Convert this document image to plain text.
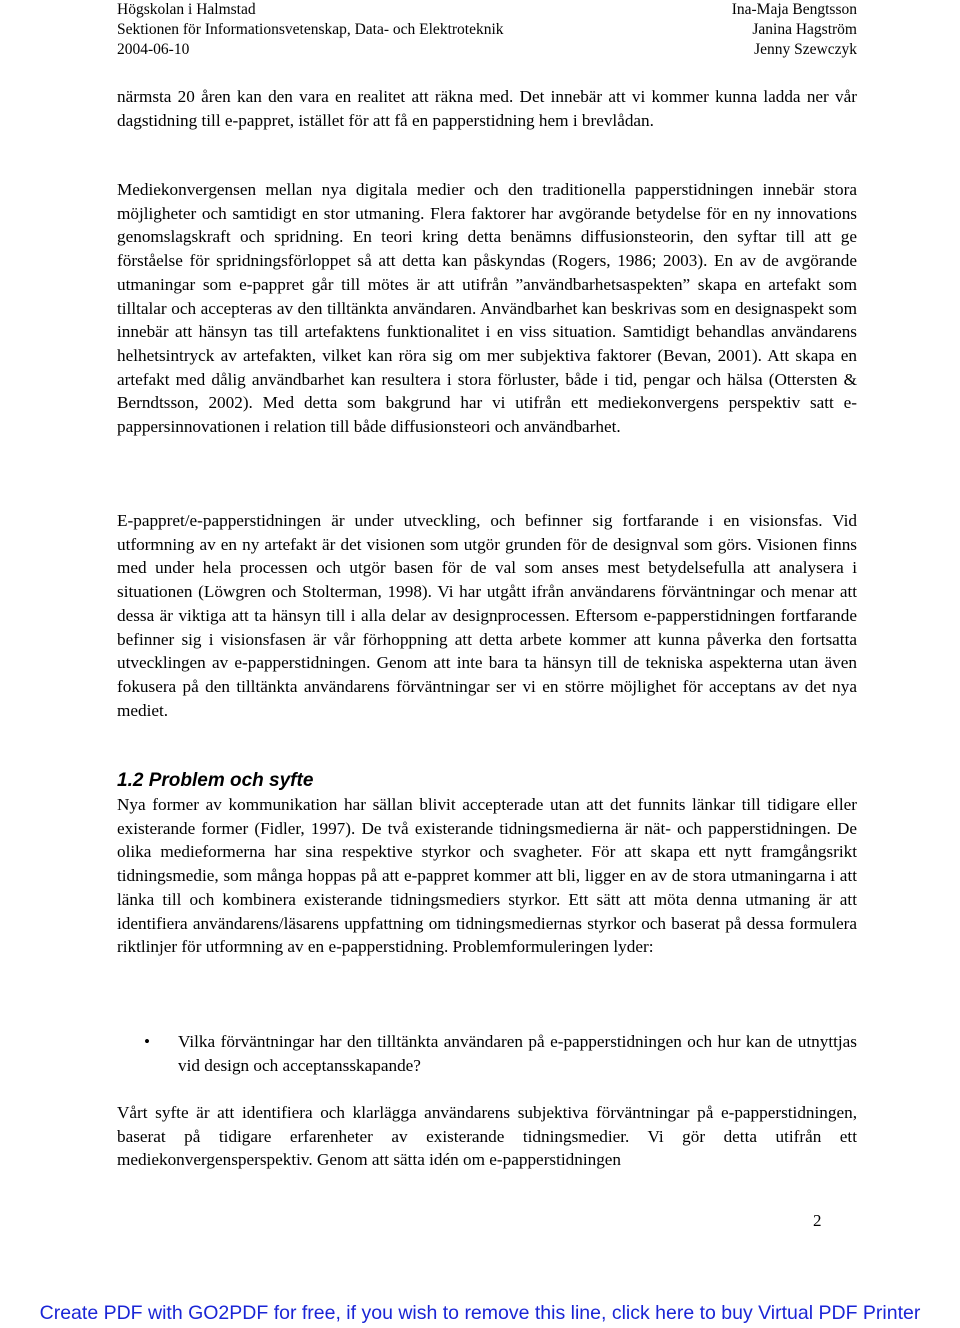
Högskolan i Halmstad
Sektionen för Informationsvetenskap, Data- och Elektroteknik
2004-06-10
Ina-Maja Bengtsson
Janina Hagström
Jenny Szewczyk
närmsta 20 åren kan den vara en realitet att räkna med. Det innebär att vi kommer kunna ladda ner vår dagstidning till e-pappret, istället för att få en papperstidning hem i brevlådan.
Mediekonvergensen mellan nya digitala medier och den traditionella papperstidningen innebär stora möjligheter och samtidigt en stor utmaning. Flera faktorer har avgörande betydelse för en ny innovations genomslagskraft och spridning. En teori kring detta benämns diffusionsteorin, den syftar till att ge förståelse för spridningsförloppet så att detta kan påskyndas (Rogers, 1986; 2003). En av de avgörande utmaningar som e-pappret går till mötes är att utifrån ”användbarhetsaspekten” skapa en artefakt som tilltalar och accepteras av den tilltänkta användaren. Användbarhet kan beskrivas som en designaspekt som innebär att hänsyn tas till artefaktens funktionalitet i en viss situation. Samtidigt behandlas användarens helhetsintryck av artefakten, vilket kan röra sig om mer subjektiva faktorer (Bevan, 2001). Att skapa en artefakt med dålig användbarhet kan resultera i stora förluster, både i tid, pengar och hälsa (Ottersten & Berndtsson, 2002). Med detta som bakgrund har vi utifrån ett mediekonvergens perspektiv satt e-pappersinnovationen i relation till både diffusionsteori och användbarhet.
E-pappret/e-papperstidningen är under utveckling, och befinner sig fortfarande i en visionsfas. Vid utformning av en ny artefakt är det visionen som utgör grunden för de designval som görs. Visionen finns med under hela processen och utgör basen för de val som anses mest betydelsefulla att analysera i situationen (Löwgren och Stolterman, 1998). Vi har utgått ifrån användarens förväntningar och menar att dessa är viktiga att ta hänsyn till i alla delar av designprocessen. Eftersom e-papperstidningen fortfarande befinner sig i visionsfasen är vår förhoppning att detta arbete kommer att kunna påverka den fortsatta utvecklingen av e-papperstidningen. Genom att inte bara ta hänsyn till de tekniska aspekterna utan även fokusera på den tilltänkta användarens förväntningar ser vi en större möjlighet för acceptans av det nya mediet.
1.2 Problem och syfte
Nya former av kommunikation har sällan blivit accepterade utan att det funnits länkar till tidigare eller existerande former (Fidler, 1997). De två existerande tidningsmedierna är nät- och papperstidningen. De olika medieformerna har sina respektive styrkor och svagheter. För att skapa ett nytt framgångsrikt tidningsmedie, som många hoppas på att e-pappret kommer att bli, ligger en av de stora utmaningarna i att länka till och kombinera existerande tidningsmediers styrkor. Ett sätt att möta denna utmaning är att identifiera användarens/läsarens uppfattning om tidningsmediernas styrkor och baserat på dessa formulera riktlinjer för utformning av en e-papperstidning. Problemformuleringen lyder:
• Vilka förväntningar har den tilltänkta användaren på e-papperstidningen och hur kan de utnyttjas vid design och acceptansskapande?
Vårt syfte är att identifiera och klarlägga användarens subjektiva förväntningar på e-papperstidningen, baserat på tidigare erfarenheter av existerande tidningsmedier. Vi gör detta utifrån ett mediekonvergensperspektiv. Genom att sätta idén om e-papperstidningen
2
Create PDF with GO2PDF for free, if you wish to remove this line, click here to buy Virtual PDF Printer
